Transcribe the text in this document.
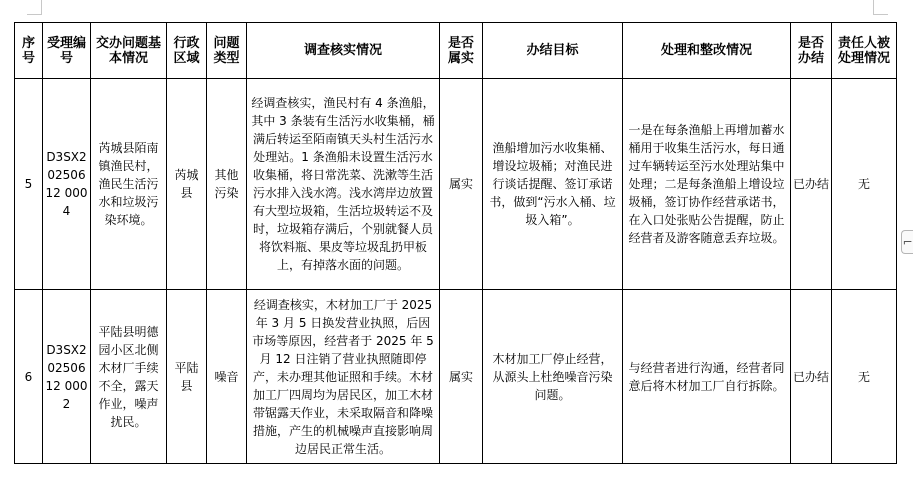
⌐
序号	受理编号	交办问题基本情况	行政区域	问题类型	调查核实情况	是否属实	办结目标	处理和整改情况	是否办结	责任人被处理情况
5	D3SX20250612 0004	芮城县陌南镇渔民村，渔民生活污水和垃圾污染环境。	芮城县	其他污染	经调查核实，渔民村有 4 条渔船，其中 3 条装有生活污水收集桶，桶满后转运至陌南镇天头村生活污水处理站。1 条渔船未设置生活污水收集桶，将日常洗菜、洗漱等生活污水排入浅水湾。浅水湾岸边放置有大型垃圾箱，生活垃圾转运不及时，垃圾箱存满后，个别就餐人员将饮料瓶、果皮等垃圾乱扔甲板上，有掉落水面的问题。	属实	渔船增加污水收集桶、增设垃圾桶；对渔民进行谈话提醒、签订承诺书，做到“污水入桶、垃圾入箱”。	一是在每条渔船上再增加蓄水桶用于收集生活污水，每日通过车辆转运至污水处理站集中处理；二是每条渔船上增设垃圾桶，签订协作经营承诺书，在入口处张贴公告提醒，防止经营者及游客随意丢弃垃圾。	已办结	无
6	D3SX20250612 0002	平陆县明德园小区北侧木材厂手续不全，露天作业，噪声扰民。	平陆县	噪音	经调查核实，木材加工厂于 2025 年 3 月 5 日换发营业执照，后因市场等原因，经营者于 2025 年 5 月 12 日注销了营业执照随即停产，未办理其他证照和手续。木材加工厂四周均为居民区，加工木材带锯露天作业，未采取隔音和降噪措施，产生的机械噪声直接影响周边居民正常生活。	属实	木材加工厂停止经营，从源头上杜绝噪音污染问题。	与经营者进行沟通，经营者同意后将木材加工厂自行拆除。	已办结	无
